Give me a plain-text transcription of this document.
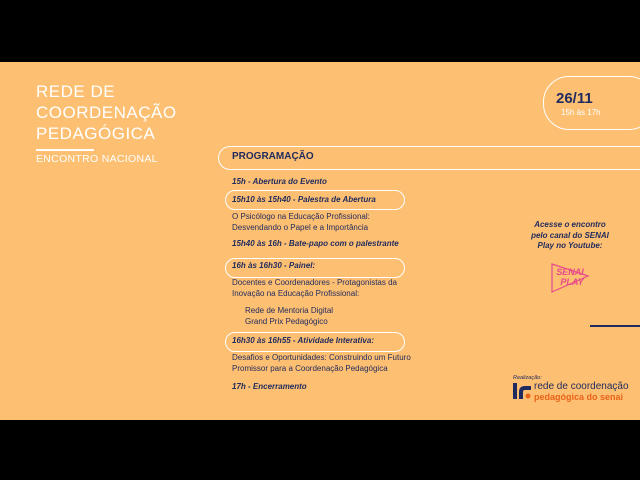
REDE DE
COORDENAÇÃO
PEDAGÓGICA
ENCONTRO NACIONAL
26/11
15h às 17h
PROGRAMAÇÃO
15h - Abertura do Evento
15h10 às 15h40 - Palestra de Abertura
O Psicólogo na Educação Profissional:
Desvendando o Papel e a Importância
15h40 às 16h - Bate-papo com o palestrante
16h às 16h30 - Painel:
Docentes e Coordenadores - Protagonistas da
Inovação na Educação Profissional:
Rede de Mentoria Digital
Grand Prix Pedagógico
16h30 às 16h55 - Atividade Interativa:
Desafios e Oportunidades: Construindo um Futuro
Promissor para a Coordenação Pedagógica
17h - Encerramento
Acesse o encontro
pelo canal do SENAI
Play no Youtube:
SENAI
PLAY
Realização:
rede de coordenação
pedagógica do senai
